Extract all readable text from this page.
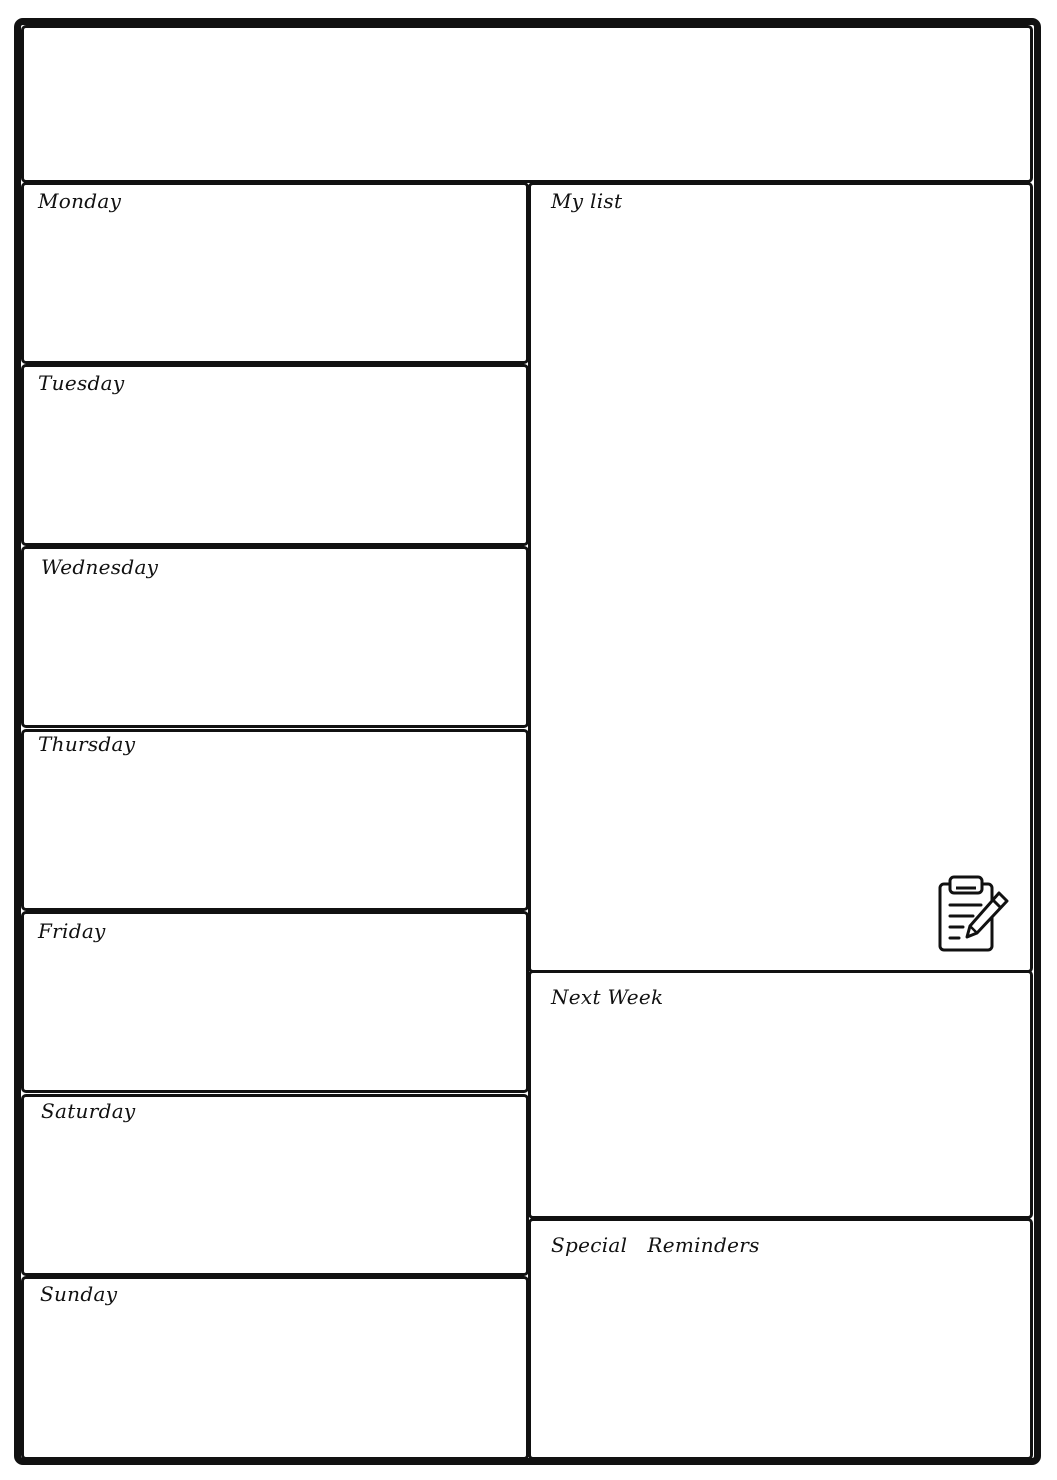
Monday
Tuesday
Wednesday
Thursday
Friday
Saturday
Sunday
My list
Next Week
Special   Reminders
